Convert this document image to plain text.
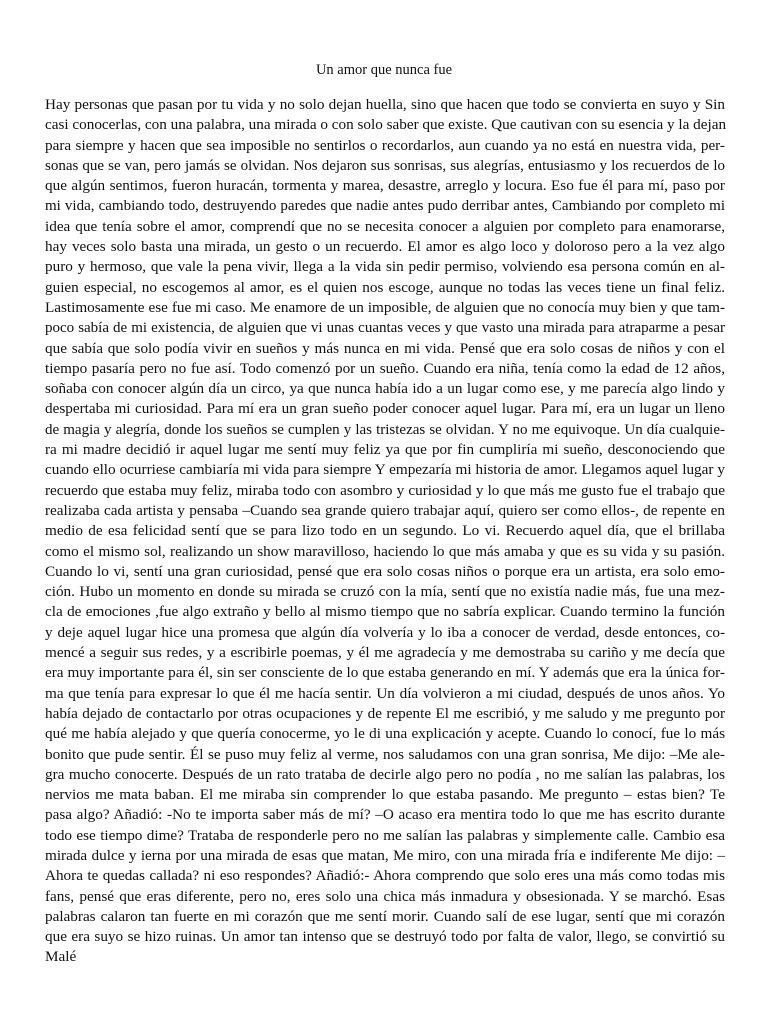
Un amor que nunca fue
Hay personas que pasan por tu vida y no solo dejan huella, sino que hacen que todo se convierta en suyo y Sin
casi conocerlas, con una palabra, una mirada o con solo saber que existe. Que cautivan con su esencia y la dejan
para siempre y hacen que sea imposible no sentirlos o recordarlos, aun cuando ya no está en nuestra vida, per-
sonas que se van, pero jamás se olvidan. Nos dejaron sus sonrisas, sus alegrías, entusiasmo y los recuerdos de lo
que algún sentimos, fueron huracán, tormenta y marea, desastre, arreglo y locura. Eso fue él para mí, paso por
mi vida, cambiando todo, destruyendo paredes que nadie antes pudo derribar antes, Cambiando por completo mi
idea que tenía sobre el amor, comprendí que no se necesita conocer a alguien por completo para enamorarse,
hay veces solo basta una mirada, un gesto o un recuerdo. El amor es algo loco y doloroso pero a la vez algo
puro y hermoso, que vale la pena vivir, llega a la vida sin pedir permiso, volviendo esa persona común en al-
guien especial, no escogemos al amor, es el quien nos escoge, aunque no todas las veces tiene un final feliz.
Lastimosamente ese fue mi caso. Me enamore de un imposible, de alguien que no conocía muy bien y que tam-
poco sabía de mi existencia, de alguien que vi unas cuantas veces y que vasto una mirada para atraparme a pesar
que sabía que solo podía vivir en sueños y más nunca en mi vida. Pensé que era solo cosas de niños y con el
tiempo pasaría pero no fue así. Todo comenzó por un sueño. Cuando era niña, tenía como la edad de 12 años,
soñaba con conocer algún día un circo, ya que nunca había ido a un lugar como ese, y me parecía algo lindo y
despertaba mi curiosidad. Para mí era un gran sueño poder conocer aquel lugar. Para mí, era un lugar un lleno
de magia y alegría, donde los sueños se cumplen y las tristezas se olvidan. Y no me equivoque. Un día cualquie-
ra mi madre decidió ir aquel lugar me sentí muy feliz ya que por fin cumpliría mi sueño, desconociendo que
cuando ello ocurriese cambiaría mi vida para siempre Y empezaría mi historia de amor. Llegamos aquel lugar y
recuerdo que estaba muy feliz, miraba todo con asombro y curiosidad y lo que más me gusto fue el trabajo que
realizaba cada artista y pensaba –Cuando sea grande quiero trabajar aquí, quiero ser como ellos-, de repente en
medio de esa felicidad sentí que se para lizo todo en un segundo. Lo vi. Recuerdo aquel día, que el brillaba
como el mismo sol, realizando un show maravilloso, haciendo lo que más amaba y que es su vida y su pasión.
Cuando lo vi, sentí una gran curiosidad, pensé que era solo cosas niños o porque era un artista, era solo emo-
ción. Hubo un momento en donde su mirada se cruzó con la mía, sentí que no existía nadie más, fue una mez-
cla de emociones ,fue algo extraño y bello al mismo tiempo que no sabría explicar. Cuando termino la función
y deje aquel lugar hice una promesa que algún día volvería y lo iba a conocer de verdad, desde entonces, co-
mencé a seguir sus redes, y a escribirle poemas, y él me agradecía y me demostraba su cariño y me decía que
era muy importante para él, sin ser consciente de lo que estaba generando en mí. Y además que era la única for-
ma que tenía para expresar lo que él me hacía sentir. Un día volvieron a mi ciudad, después de unos años. Yo
había dejado de contactarlo por otras ocupaciones y de repente El me escribió, y me saludo y me pregunto por
qué me había alejado y que quería conocerme, yo le di una explicación y acepte. Cuando lo conocí, fue lo más
bonito que pude sentir. Él se puso muy feliz al verme, nos saludamos con una gran sonrisa, Me dijo: –Me ale-
gra mucho conocerte. Después de un rato trataba de decirle algo pero no podía , no me salían las palabras, los
nervios me mata baban. El me miraba sin comprender lo que estaba pasando. Me pregunto – estas bien? Te
pasa algo? Añadió: -No te importa saber más de mí? –O acaso era mentira todo lo que me has escrito durante
todo ese tiempo dime? Trataba de responderle pero no me salían las palabras y simplemente calle. Cambio esa
mirada dulce y ierna por una mirada de esas que matan, Me miro, con una mirada fría e indiferente Me dijo: –
Ahora te quedas callada? ni eso respondes? Añadió:- Ahora comprendo que solo eres una más como todas mis
fans, pensé que eras diferente, pero no, eres solo una chica más inmadura y obsesionada. Y se marchó. Esas
palabras calaron tan fuerte en mi corazón que me sentí morir. Cuando salí de ese lugar, sentí que mi corazón
que era suyo se hizo ruinas. Un amor tan intenso que se destruyó todo por falta de valor, llego, se convirtió su
Malé
